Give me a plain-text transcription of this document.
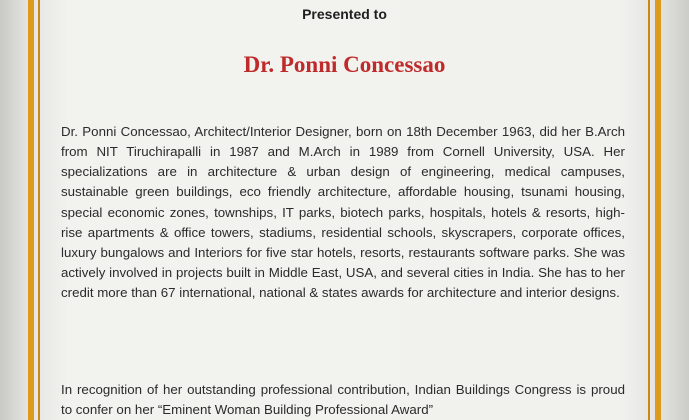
Presented to

Dr. Ponni Concessao

Dr. Ponni Concessao, Architect/Interior Designer, born on 18th December 1963, did her B.Arch from NIT Tiruchirapalli in 1987 and M.Arch in 1989 from Cornell University, USA. Her specializations are in architecture & urban design of engineering, medical campuses, sustainable green buildings, eco friendly architecture, affordable housing, tsunami housing, special economic zones, townships, IT parks, biotech parks, hospitals, hotels & resorts, high-rise apartments & office towers, stadiums, residential schools, skyscrapers, corporate offices, luxury bungalows and Interiors for five star hotels, resorts, restaurants software parks. She was actively involved in projects built in Middle East, USA, and several cities in India. She has to her credit more than 67 international, national & states awards for architecture and interior designs.

In recognition of her outstanding professional contribution, Indian Buildings Congress is proud to confer on her “Eminent Woman Building Professional Award”
